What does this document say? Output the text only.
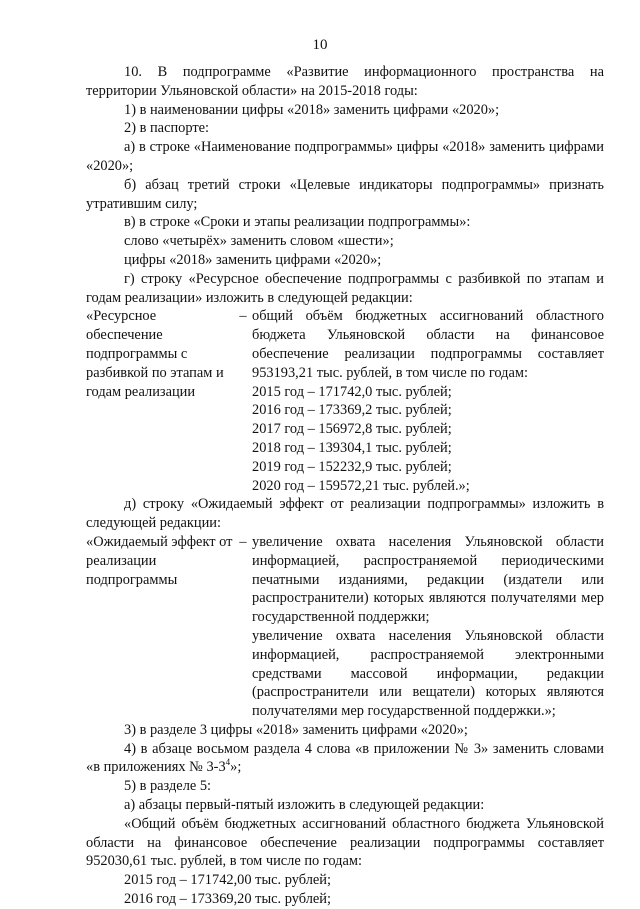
10

10. В подпрограмме «Развитие информационного пространства на территории Ульяновской области» на 2015-2018 годы:

1) в наименовании цифры «2018» заменить цифрами «2020»;

2) в паспорте:

а) в строке «Наименование подпрограммы» цифры «2018» заменить цифрами «2020»;

б) абзац третий строки «Целевые индикаторы подпрограммы» признать утратившим силу;

в) в строке «Сроки и этапы реализации подпрограммы»:

слово «четырёх» заменить словом «шести»;

цифры «2018» заменить цифрами «2020»;

г) строку «Ресурсное обеспечение подпрограммы с разбивкой по этапам и годам реализации» изложить в следующей редакции:

«Ресурсное обеспечение подпрограммы с разбивкой по этапам и годам реализации
– общий объём бюджетных ассигнований областного бюджета Ульяновской области на финансовое обеспечение реализации подпрограммы составляет 953193,21 тыс. рублей, в том числе по годам:
2015 год – 171742,0 тыс. рублей;
2016 год – 173369,2 тыс. рублей;
2017 год – 156972,8 тыс. рублей;
2018 год – 139304,1 тыс. рублей;
2019 год – 152232,9 тыс. рублей;
2020 год – 159572,21 тыс. рублей.»;

д) строку «Ожидаемый эффект от реализации подпрограммы» изложить в следующей редакции:

«Ожидаемый эффект от реализации подпрограммы
– увеличение охвата населения Ульяновской области информацией, распространяемой периодическими печатными изданиями, редакции (издатели или распространители) которых являются получателями мер государственной поддержки;
увеличение охвата населения Ульяновской области информацией, распространяемой электронными средствами массовой информации, редакции (распространители или вещатели) которых являются получателями мер государственной поддержки.»;

3) в разделе 3 цифры «2018» заменить цифрами «2020»;

4) в абзаце восьмом раздела 4 слова «в приложении № 3» заменить словами «в приложениях № $3-3^4$»;

5) в разделе 5:

а) абзацы первый-пятый изложить в следующей редакции:

«Общий объём бюджетных ассигнований областного бюджета Ульяновской области на финансовое обеспечение реализации подпрограммы составляет 952030,61 тыс. рублей, в том числе по годам:

2015 год – 171742,00 тыс. рублей;

2016 год – 173369,20 тыс. рублей;
